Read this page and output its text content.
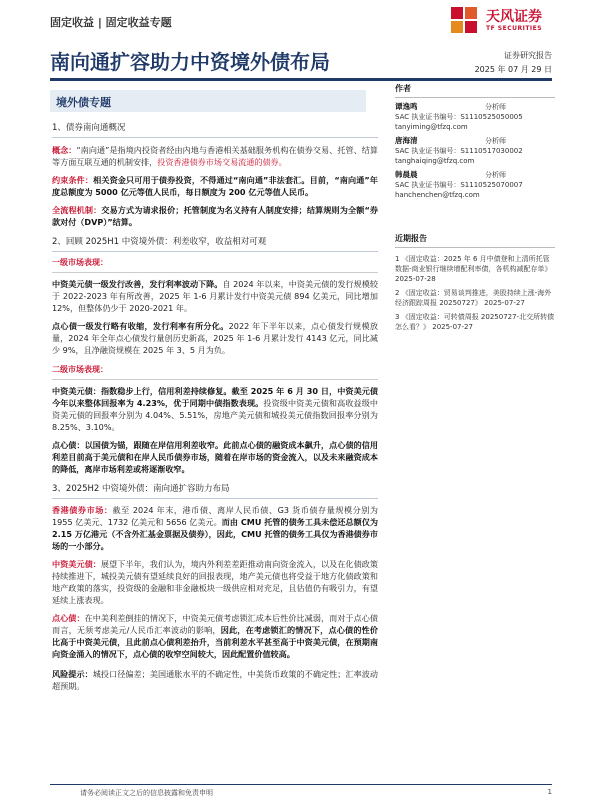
固定收益 | 固定收益专题	天风证券
TF SECURITIES
南向通扩容助力中资境外债布局	证券研究报告
2025 年 07 月 29 日
境外债专题

1、债券南向通概况

概念：“南向通”是指境内投资者经由内地与香港相关基础服务机构在债券交易、托管、结算等方面互联互通的机制安排，投资香港债券市场交易流通的债券。

约束条件：相关资金只可用于债券投资，不得通过“南向通”非法套汇。目前，“南向通”年度总额度为 5000 亿元等值人民币，每日额度为 200 亿元等值人民币。

全流程机制：交易方式为请求报价；托管制度为名义持有人制度安排；结算规则为全额“券款对付（DVP）”结算。

2、回顾 2025H1 中资境外债：利差收窄，收益相对可观

一级市场表现：

中资美元债一级发行改善，发行利率波动下降。自 2024 年以来，中资美元债的发行规模较于 2022-2023 年有所改善，2025 年 1-6 月累计发行中资美元债 894 亿美元，同比增加 12%，但整体仍少于 2020-2021 年。

点心债一级发行略有收缩，发行利率有所分化。2022 年下半年以来，点心债发行规模放量，2024 年全年点心债发行量创历史新高，2025 年 1-6 月累计发行 4143 亿元，同比减少 9%，且净融资规模在 2025 年 3、5 月为负。

二级市场表现：

中资美元债：指数稳步上行，信用利差持续修复。截至 2025 年 6 月 30 日，中资美元债今年以来整体回报率为 4.23%，优于同期中债指数表现。投资级中资美元债和高收益级中资美元债的回报率分别为 4.04%、5.51%，房地产美元债和城投美元债指数回报率分别为 8.25%、3.10%。

点心债：以国债为锚，跟随在岸信用利差收窄。此前点心债的融资成本飙升，点心债的信用利差目前高于美元债和在岸人民币债券市场，随着在岸市场的资金流入，以及未来融资成本的降低，离岸市场利差或将逐渐收窄。

3、2025H2 中资境外债：南向通扩容助力布局

香港债券市场：截至 2024 年末，港币债、离岸人民币债、G3 货币债存量规模分别为 1955 亿美元、1732 亿美元和 5656 亿美元。而由 CMU 托管的债务工具未偿还总额仅为 2.15 万亿港元（不含外汇基金票据及债券），因此，CMU 托管的债务工具仅为香港债券市场的一小部分。

中资美元债：展望下半年，我们认为，境内外利差差距推动南向资金流入，以及在化债政策持续推进下，城投美元债有望延续良好的回报表现，地产美元债也将受益于地方化债政策和地产政策的落实，投资级的金融和非金融板块一级供应相对充足，且估值仍有吸引力，有望延续上涨表现。

点心债：在中美利差倒挂的情况下，中资美元债考虑锁汇成本后性价比减弱，而对于点心债而言，无须考虑美元/人民币汇率波动的影响，因此，在考虑锁汇的情况下，点心债的性价比高于中资美元债，且此前点心债利差抬升，当前利差水平甚至高于中资美元债，在预期南向资金涌入的情况下，点心债的收窄空间较大，因此配置价值较高。

风险提示：城投口径偏差；美国通胀水平的不确定性，中美货币政策的不确定性；汇率波动超预期。

作者
谭逸鸣	分析师
SAC 执业证书编号：S1110525050005
tanyiming@tfzq.com
唐海清	分析师
SAC 执业证书编号：S1110517030002
tanghaiqing@tfzq.com
韩晨晨	分析师
SAC 执业证书编号：S1110525070007
hanchenchen@tfzq.com
近期报告
1 《固定收益：2025 年 6 月中债登和上清所托管数据-商业银行继续增配利率债，各机构减配存单》 2025-07-28
2 《固定收益：贸易谈判推进，美股持续上涨-海外经济跟踪周报 20250727》 2025-07-27
3 《固定收益：可转债周报 20250727-北交所转债怎么看？》 2025-07-27
请务必阅读正文之后的信息披露和免责申明	1
